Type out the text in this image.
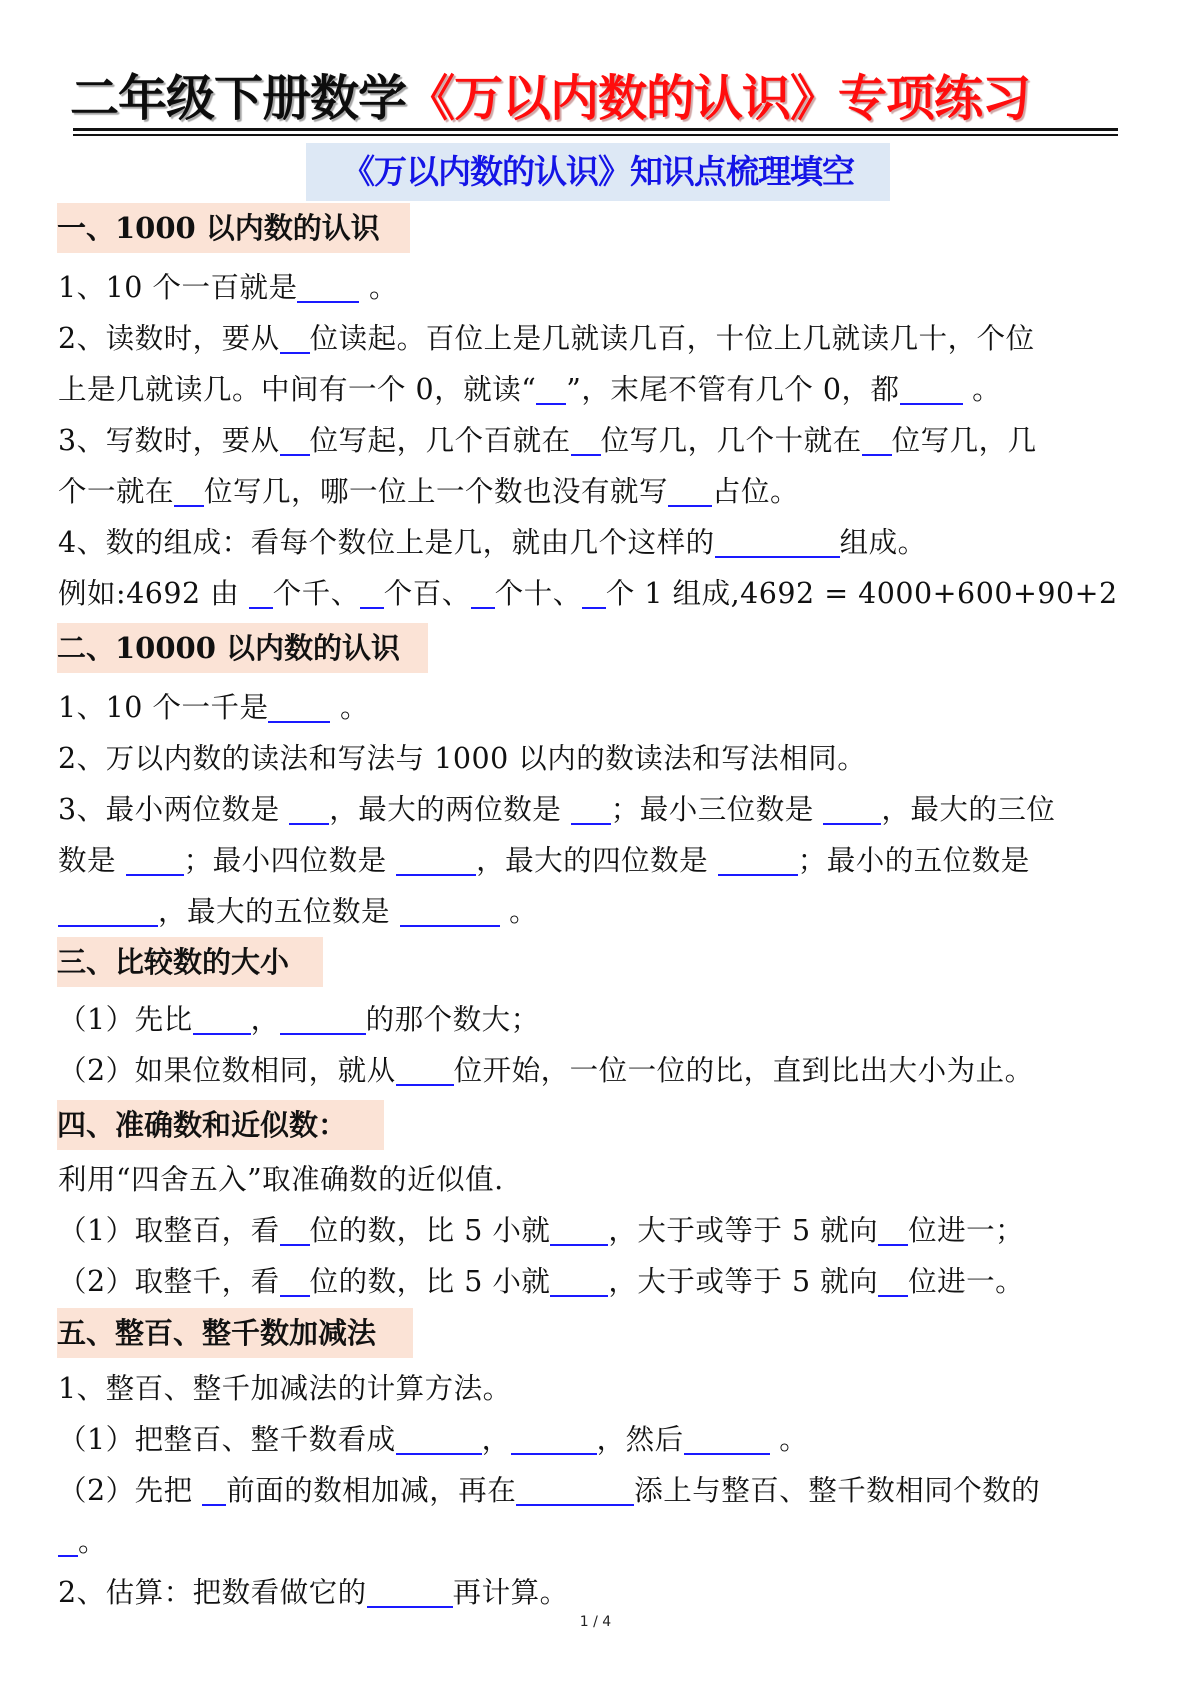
二年级下册数学《万以内数的认识》专项练习
《万以内数的认识》知识点梳理填空
一、1000 以内数的认识
二、10000 以内数的认识
三、比较数的大小
四、准确数和近似数：
五、整百、整千数加减法
1、10 个一百就是 。
2、读数时，要从 位读起。百位上是几就读几百，十位上几就读几十，个位
上是几就读几。中间有一个 0，就读“ ”，末尾不管有几个 0，都 。
3、写数时，要从 位写起，几个百就在 位写几，几个十就在 位写几，几
个一就在 位写几，哪一位上一个数也没有就写 占位。
4、数的组成：看每个数位上是几，就由几个这样的	组成。
例如:4692 由 个千、 个百、 个十、 个 1 组成,4692 = 4000+600+90+2
1、10 个一千是 。
2、万以内数的读法和写法与 1000 以内的数读法和写法相同。
3、最小两位数是 ，最大的两位数是 ；最小三位数是 ，最大的三位
数是 ；最小四位数是	，最大的四位数是	；最小的五位数是
，最大的五位数是	。
（1）先比 ，	的那个数大；
（2）如果位数相同，就从 位开始，一位一位的比，直到比出大小为止。
利用“四舍五入”取准确数的近似值.
（1）取整百，看 位的数，比 5 小就 ，大于或等于 5 就向 位进一；
（2）取整千，看 位的数，比 5 小就 ，大于或等于 5 就向 位进一。
1、整百、整千加减法的计算方法。
（1）把整百、整千数看成	，	，然后	。
（2）先把 前面的数相加减，再在	添上与整百、整千数相同个数的
。
2、估算：把数看做它的	再计算。
1 / 4
